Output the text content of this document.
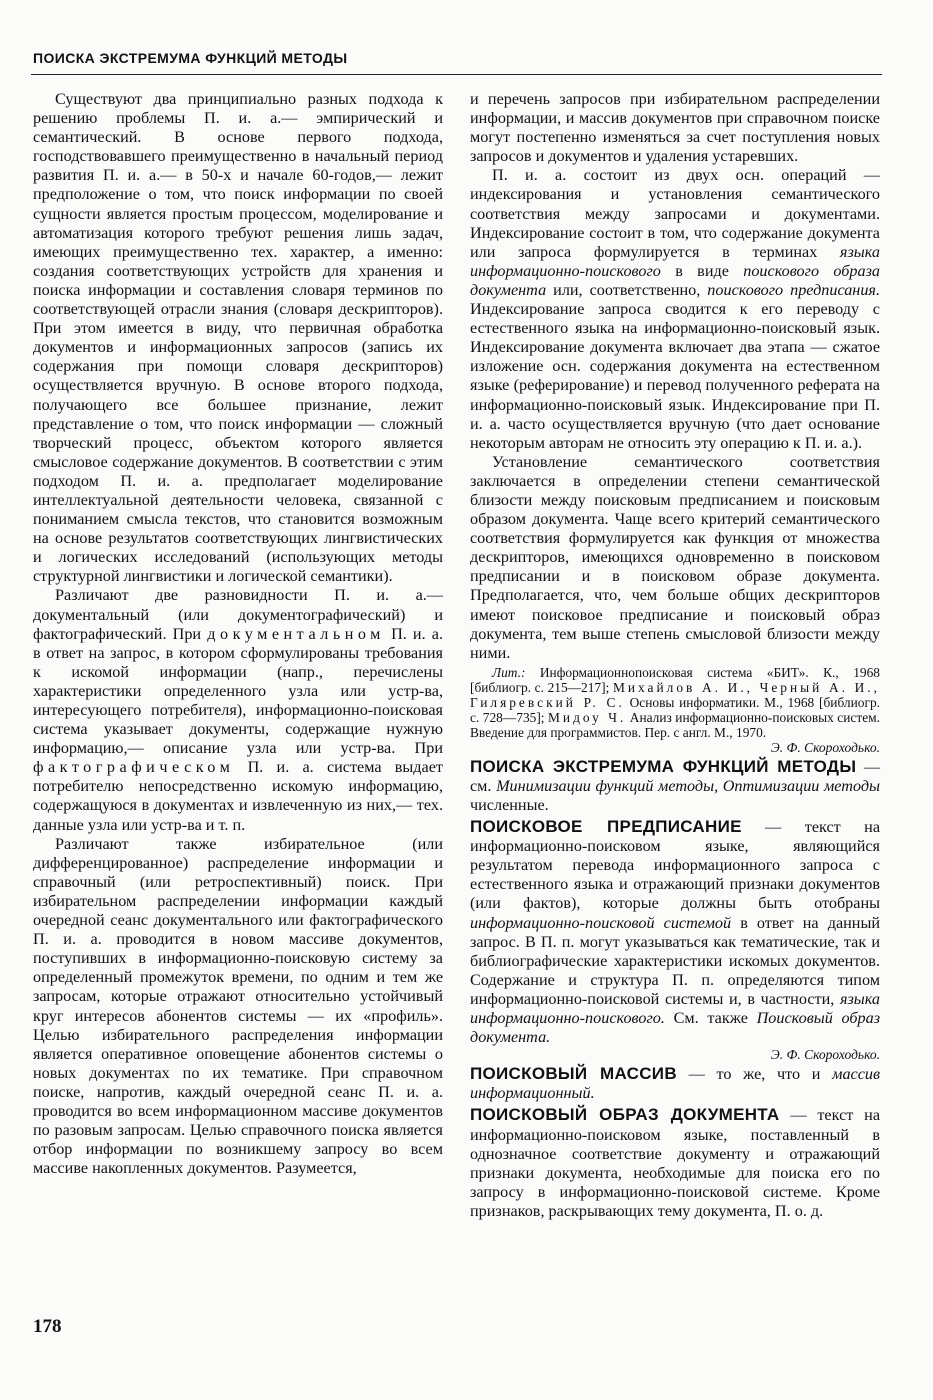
ПОИСКА ЭКСТРЕМУМА ФУНКЦИЙ МЕТОДЫ

Существуют два принципиально разных подхода к решению проблемы П. и. а.— эмпирический и семантический. В основе первого подхода, господствовавшего преимущественно в начальный период развития П. и. а.— в 50-х и начале 60-годов,— лежит предположение о том, что поиск информации по своей сущности является простым процессом, моделирование и автоматизация которого требуют решения лишь задач, имеющих преимущественно тех. характер, а именно: создания соответствующих устройств для хранения и поиска информации и составления словаря терминов по соответствующей отрасли знания (словаря дескрипторов). При этом имеется в виду, что первичная обработка документов и информационных запросов (запись их содержания при помощи словаря дескрипторов) осуществляется вручную. В основе второго подхода, получающего все большее признание, лежит представление о том, что поиск информации — сложный творческий процесс, объектом которого является смысловое содержание документов. В соответствии с этим подходом П. и. а. предполагает моделирование интеллектуальной деятельности человека, связанной с пониманием смысла текстов, что становится возможным на основе результатов соответствующих лингвистических и логических исследований (использующих методы структурной лингвистики и логической семантики).

Различают две разновидности П. и. а.— документальный (или документографический) и фактографический. При документальном П. и. а. в ответ на запрос, в котором сформулированы требования к искомой информации (напр., перечислены характеристики определенного узла или устр-ва, интересующего потребителя), информационно-поисковая система указывает документы, содержащие нужную информацию,— описание узла или устр-ва. При фактографическом П. и. а. система выдает потребителю непосредственно искомую информацию, содержащуюся в документах и извлеченную из них,— тех. данные узла или устр-ва и т. п.

Различают также избирательное (или дифференцированное) распределение информации и справочный (или ретроспективный) поиск. При избирательном распределении информации каждый очередной сеанс документального или фактографического П. и. а. проводится в новом массиве документов, поступивших в информационно-поисковую систему за определенный промежуток времени, по одним и тем же запросам, которые отражают относительно устойчивый круг интересов абонентов системы — их «профиль». Целью избирательного распределения информации является оперативное оповещение абонентов системы о новых документах по их тематике. При справочном поиске, напротив, каждый очередной сеанс П. и. а. проводится во всем информационном массиве документов по разовым запросам. Целью справочного поиска является отбор информации по возникшему запросу во всем массиве накопленных документов. Разумеется,

и перечень запросов при избирательном распределении информации, и массив документов при справочном поиске могут постепенно изменяться за счет поступления новых запросов и документов и удаления устаревших.

П. и. а. состоит из двух осн. операций — индексирования и установления семантического соответствия между запросами и документами. Индексирование состоит в том, что содержание документа или запроса формулируется в терминах языка информационно-поискового в виде поискового образа документа или, соответственно, поискового предписания. Индексирование запроса сводится к его переводу с естественного языка на информационно-поисковый язык. Индексирование документа включает два этапа — сжатое изложение осн. содержания документа на естественном языке (реферирование) и перевод полученного реферата на информационно-поисковый язык. Индексирование при П. и. а. часто осуществляется вручную (что дает основание некоторым авторам не относить эту операцию к П. и. а.).

Установление семантического соответствия заключается в определении степени семантической близости между поисковым предписанием и поисковым образом документа. Чаще всего критерий семантического соответствия формулируется как функция от множества дескрипторов, имеющихся одновременно в поисковом предписании и в поисковом образе документа. Предполагается, что, чем больше общих дескрипторов имеют поисковое предписание и поисковый образ документа, тем выше степень смысловой близости между ними.

Лит.: Информационнопоисковая система «БИТ». К., 1968 [библиогр. с. 215—217]; Михайлов А. И., Черный А. И., Гиляревский Р. С. Основы информатики. М., 1968 [библиогр. с. 728—735]; Мидоу Ч. Анализ информационно-поисковых систем. Введение для программистов. Пер. с англ. М., 1970.

Э. Ф. Скороходько.

ПОИСКА ЭКСТРЕМУМА ФУНКЦИЙ МЕТОДЫ — см. Минимизации функций методы, Оптимизации методы численные.

ПОИСКОВОЕ ПРЕДПИСАНИЕ — текст на информационно-поисковом языке, являющийся результатом перевода информационного запроса с естественного языка и отражающий признаки документов (или фактов), которые должны быть отобраны информационно-поисковой системой в ответ на данный запрос. В П. п. могут указываться как тематические, так и библиографические характеристики искомых документов. Содержание и структура П. п. определяются типом информационно-поисковой системы и, в частности, языка информационно-поискового. См. также Поисковый образ документа.

Э. Ф. Скороходько.

ПОИСКОВЫЙ МАССИВ — то же, что и массив информационный.

ПОИСКОВЫЙ ОБРАЗ ДОКУМЕНТА — текст на информационно-поисковом языке, поставленный в однозначное соответствие документу и отражающий признаки документа, необходимые для поиска его по запросу в информационно-поисковой системе. Кроме признаков, раскрывающих тему документа, П. о. д.

178
